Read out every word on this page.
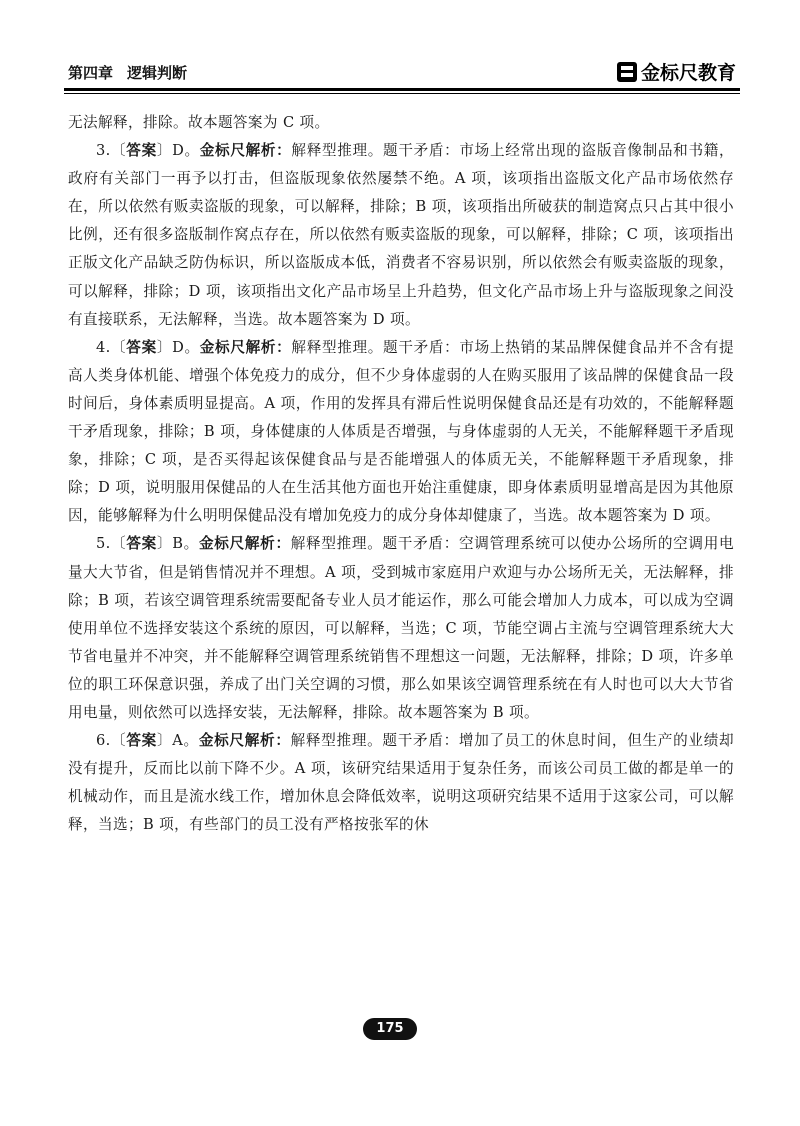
第四章 逻辑判断	金标尺教育

无法解释，排除。故本题答案为 C 项。

3.〔答案〕D。金标尺解析：解释型推理。题干矛盾：市场上经常出现的盗版音像制品和书籍，政府有关部门一再予以打击，但盗版现象依然屡禁不绝。A 项，该项指出盗版文化产品市场依然存在，所以依然有贩卖盗版的现象，可以解释，排除；B 项，该项指出所破获的制造窝点只占其中很小比例，还有很多盗版制作窝点存在，所以依然有贩卖盗版的现象，可以解释，排除；C 项，该项指出正版文化产品缺乏防伪标识，所以盗版成本低，消费者不容易识别，所以依然会有贩卖盗版的现象，可以解释，排除；D 项，该项指出文化产品市场呈上升趋势，但文化产品市场上升与盗版现象之间没有直接联系，无法解释，当选。故本题答案为 D 项。

4.〔答案〕D。金标尺解析：解释型推理。题干矛盾：市场上热销的某品牌保健食品并不含有提高人类身体机能、增强个体免疫力的成分，但不少身体虚弱的人在购买服用了该品牌的保健食品一段时间后，身体素质明显提高。A 项，作用的发挥具有滞后性说明保健食品还是有功效的，不能解释题干矛盾现象，排除；B 项，身体健康的人体质是否增强，与身体虚弱的人无关，不能解释题干矛盾现象，排除；C 项，是否买得起该保健食品与是否能增强人的体质无关，不能解释题干矛盾现象，排除；D 项，说明服用保健品的人在生活其他方面也开始注重健康，即身体素质明显增高是因为其他原因，能够解释为什么明明保健品没有增加免疫力的成分身体却健康了，当选。故本题答案为 D 项。

5.〔答案〕B。金标尺解析：解释型推理。题干矛盾：空调管理系统可以使办公场所的空调用电量大大节省，但是销售情况并不理想。A 项，受到城市家庭用户欢迎与办公场所无关，无法解释，排除；B 项，若该空调管理系统需要配备专业人员才能运作，那么可能会增加人力成本，可以成为空调使用单位不选择安装这个系统的原因，可以解释，当选；C 项，节能空调占主流与空调管理系统大大节省电量并不冲突，并不能解释空调管理系统销售不理想这一问题，无法解释，排除；D 项，许多单位的职工环保意识强，养成了出门关空调的习惯，那么如果该空调管理系统在有人时也可以大大节省用电量，则依然可以选择安装，无法解释，排除。故本题答案为 B 项。

6.〔答案〕A。金标尺解析：解释型推理。题干矛盾：增加了员工的休息时间，但生产的业绩却没有提升，反而比以前下降不少。A 项，该研究结果适用于复杂任务，而该公司员工做的都是单一的机械动作，而且是流水线工作，增加休息会降低效率，说明这项研究结果不适用于这家公司，可以解释，当选；B 项，有些部门的员工没有严格按张军的休

175
